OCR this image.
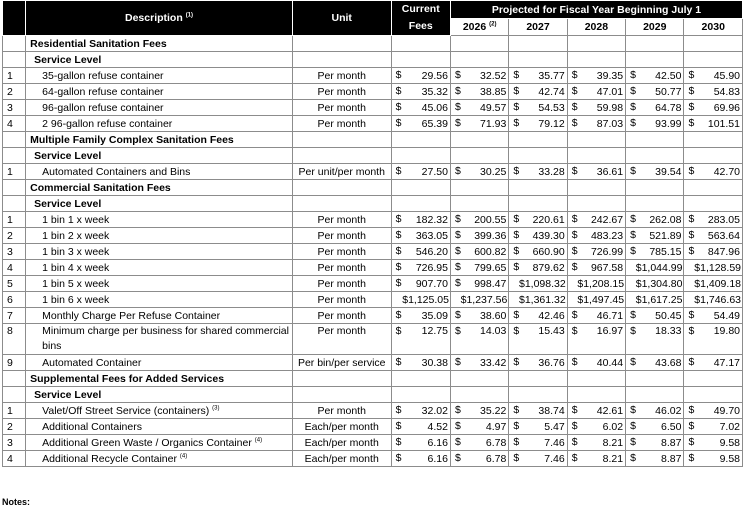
	Description $^{(1)}$	Unit	Current
Fees	Projected for Fiscal Year Beginning July 1				
				2026 $^{(2)}$	2027	2028	2029	2030
	Residential Sanitation Fees							
	Service Level							
1	35-gallon refuse container	Per month	$ 29.56	$ 32.52	$ 35.77	$ 39.35	$ 42.50	$ 45.90
2	64-gallon refuse container	Per month	$ 35.32	$ 38.85	$ 42.74	$ 47.01	$ 50.77	$ 54.83
3	96-gallon refuse container	Per month	$ 45.06	$ 49.57	$ 54.53	$ 59.98	$ 64.78	$ 69.96
4	2 96-gallon refuse container	Per month	$ 65.39	$ 71.93	$ 79.12	$ 87.03	$ 93.99	$ 101.51
	Multiple Family Complex Sanitation Fees							
	Service Level							
1	Automated Containers and Bins	Per unit/per month	$ 27.50	$ 30.25	$ 33.28	$ 36.61	$ 39.54	$ 42.70
	Commercial Sanitation Fees							
	Service Level							
1	1 bin 1 x week	Per month	$ 182.32	$ 200.55	$ 220.61	$ 242.67	$ 262.08	$ 283.05
2	1 bin 2 x week	Per month	$ 363.05	$ 399.36	$ 439.30	$ 483.23	$ 521.89	$ 563.64
3	1 bin 3 x week	Per month	$ 546.20	$ 600.82	$ 660.90	$ 726.99	$ 785.15	$ 847.96
4	1 bin 4 x week	Per month	$ 726.95	$ 799.65	$ 879.62	$ 967.58	$1,044.99	$1,128.59
5	1 bin 5 x week	Per month	$ 907.70	$ 998.47	$1,098.32	$1,208.15	$1,304.80	$1,409.18
6	1 bin 6 x week	Per month	$1,125.05	$1,237.56	$1,361.32	$1,497.45	$1,617.25	$1,746.63
7	Monthly Charge Per Refuse Container	Per month	$ 35.09	$ 38.60	$ 42.46	$ 46.71	$ 50.45	$ 54.49
8	Minimum charge per business for shared commercial bins	Per month	$ 12.75	$ 14.03	$ 15.43	$ 16.97	$ 18.33	$ 19.80
9	Automated Container	Per bin/per service	$ 30.38	$ 33.42	$ 36.76	$ 40.44	$ 43.68	$ 47.17
	Supplemental Fees for Added Services							
	Service Level							
1	Valet/Off Street Service (containers) $^{(3)}$	Per month	$ 32.02	$ 35.22	$ 38.74	$ 42.61	$ 46.02	$ 49.70
2	Additional Containers	Each/per month	$ 4.52	$ 4.97	$ 5.47	$ 6.02	$ 6.50	$ 7.02
3	Additional Green Waste / Organics Container $^{(4)}$	Each/per month	$ 6.16	$ 6.78	$ 7.46	$ 8.21	$ 8.87	$ 9.58
4	Additional Recycle Container $^{(4)}$	Each/per month	$ 6.16	$ 6.78	$ 7.46	$ 8.21	$ 8.87	$ 9.58
Notes:
